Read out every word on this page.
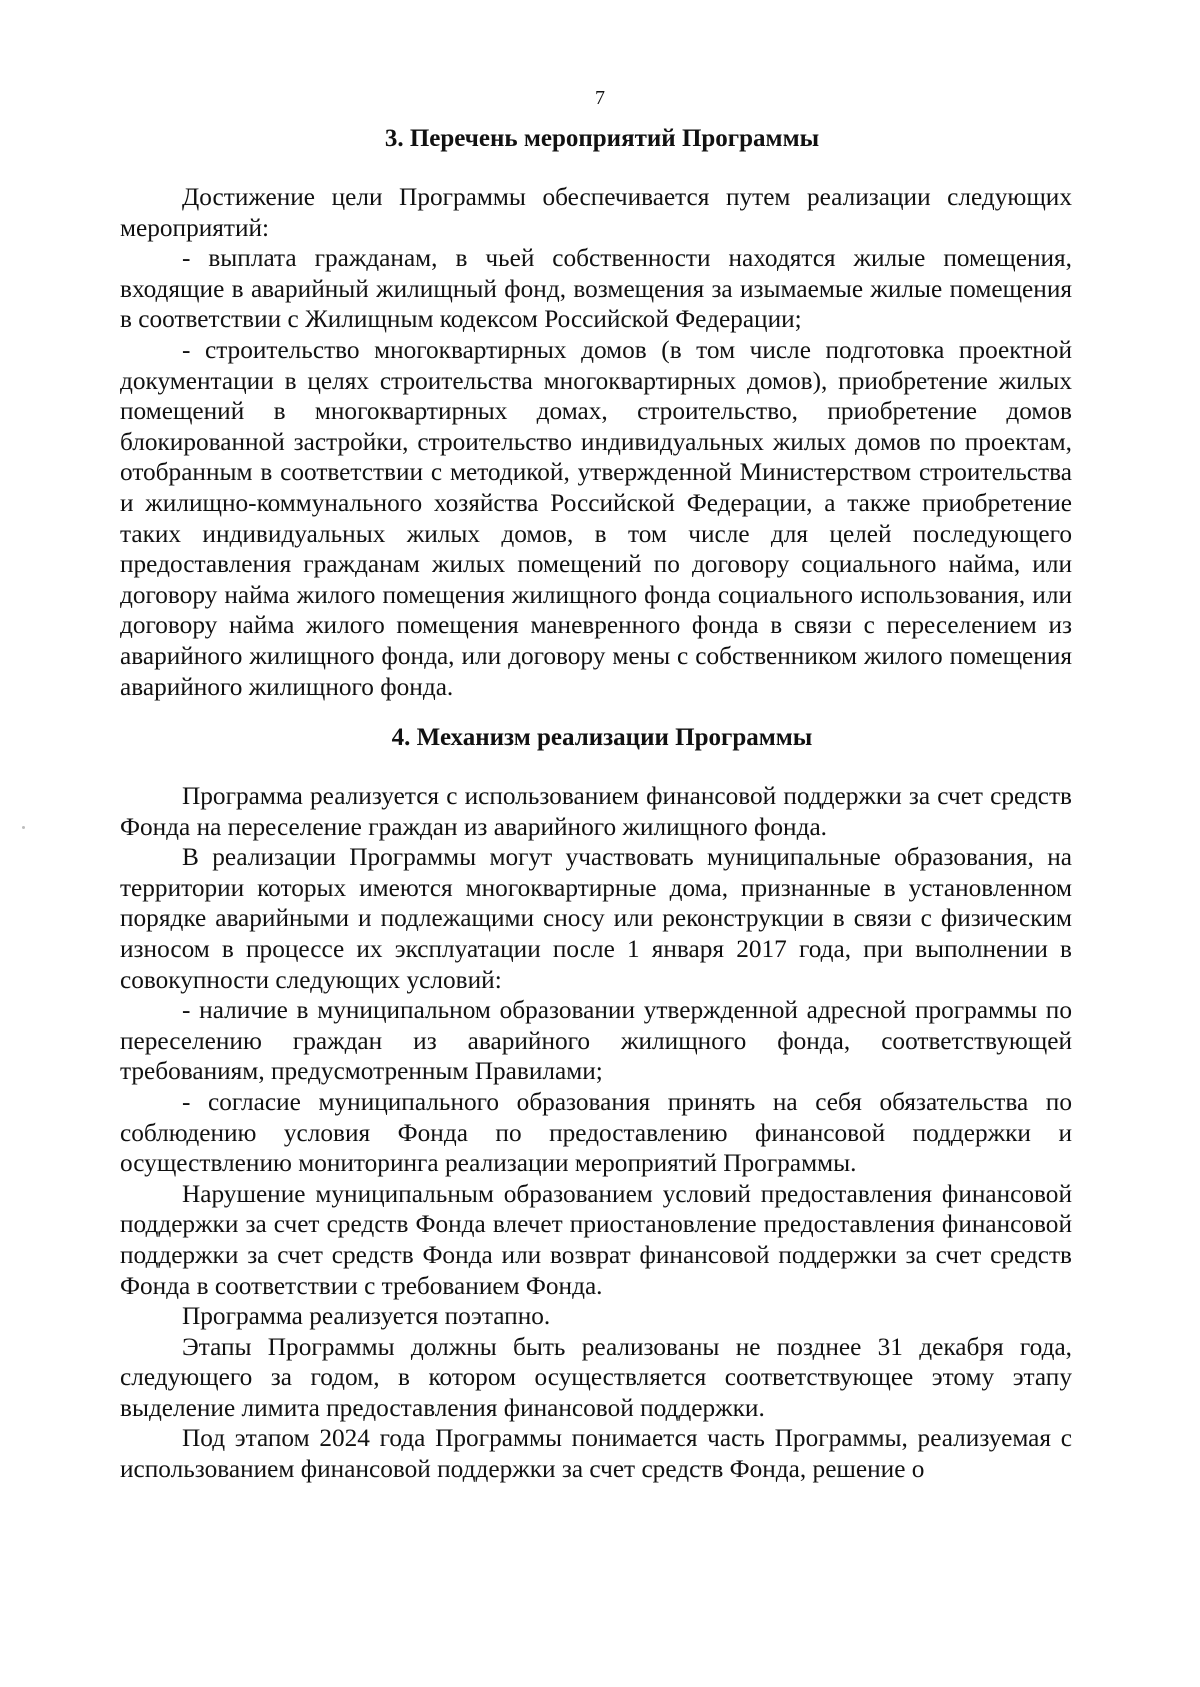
7
3. Перечень мероприятий Программы

Достижение цели Программы обеспечивается путем реализации следующих мероприятий:

- выплата гражданам, в чьей собственности находятся жилые помещения, входящие в аварийный жилищный фонд, возмещения за изымаемые жилые помещения в соответствии с Жилищным кодексом Российской Федерации;

- строительство многоквартирных домов (в том числе подготовка проектной документации в целях строительства многоквартирных домов), приобретение жилых помещений в многоквартирных домах, строительство, приобретение домов блокированной застройки, строительство индивидуальных жилых домов по проектам, отобранным в соответствии с методикой, утвержденной Министерством строительства и жилищно-коммунального хозяйства Российской Федерации, а также приобретение таких индивидуальных жилых домов, в том числе для целей последующего предоставления гражданам жилых помещений по договору социального найма, или договору найма жилого помещения жилищного фонда социального использования, или договору найма жилого помещения маневренного фонда в связи с переселением из аварийного жилищного фонда, или договору мены с собственником жилого помещения аварийного жилищного фонда.

4. Механизм реализации Программы

Программа реализуется с использованием финансовой поддержки за счет средств Фонда на переселение граждан из аварийного жилищного фонда.

В реализации Программы могут участвовать муниципальные образования, на территории которых имеются многоквартирные дома, признанные в установленном порядке аварийными и подлежащими сносу или реконструкции в связи с физическим износом в процессе их эксплуатации после 1 января 2017 года, при выполнении в совокупности следующих условий:

- наличие в муниципальном образовании утвержденной адресной программы по переселению граждан из аварийного жилищного фонда, соответствующей требованиям, предусмотренным Правилами;

- согласие муниципального образования принять на себя обязательства по соблюдению условия Фонда по предоставлению финансовой поддержки и осуществлению мониторинга реализации мероприятий Программы.

Нарушение муниципальным образованием условий предоставления финансовой поддержки за счет средств Фонда влечет приостановление предоставления финансовой поддержки за счет средств Фонда или возврат финансовой поддержки за счет средств Фонда в соответствии с требованием Фонда.

Программа реализуется поэтапно.

Этапы Программы должны быть реализованы не позднее 31 декабря года, следующего за годом, в котором осуществляется соответствующее этому этапу выделение лимита предоставления финансовой поддержки.

Под этапом 2024 года Программы понимается часть Программы, реализуемая с использованием финансовой поддержки за счет средств Фонда, решение о
